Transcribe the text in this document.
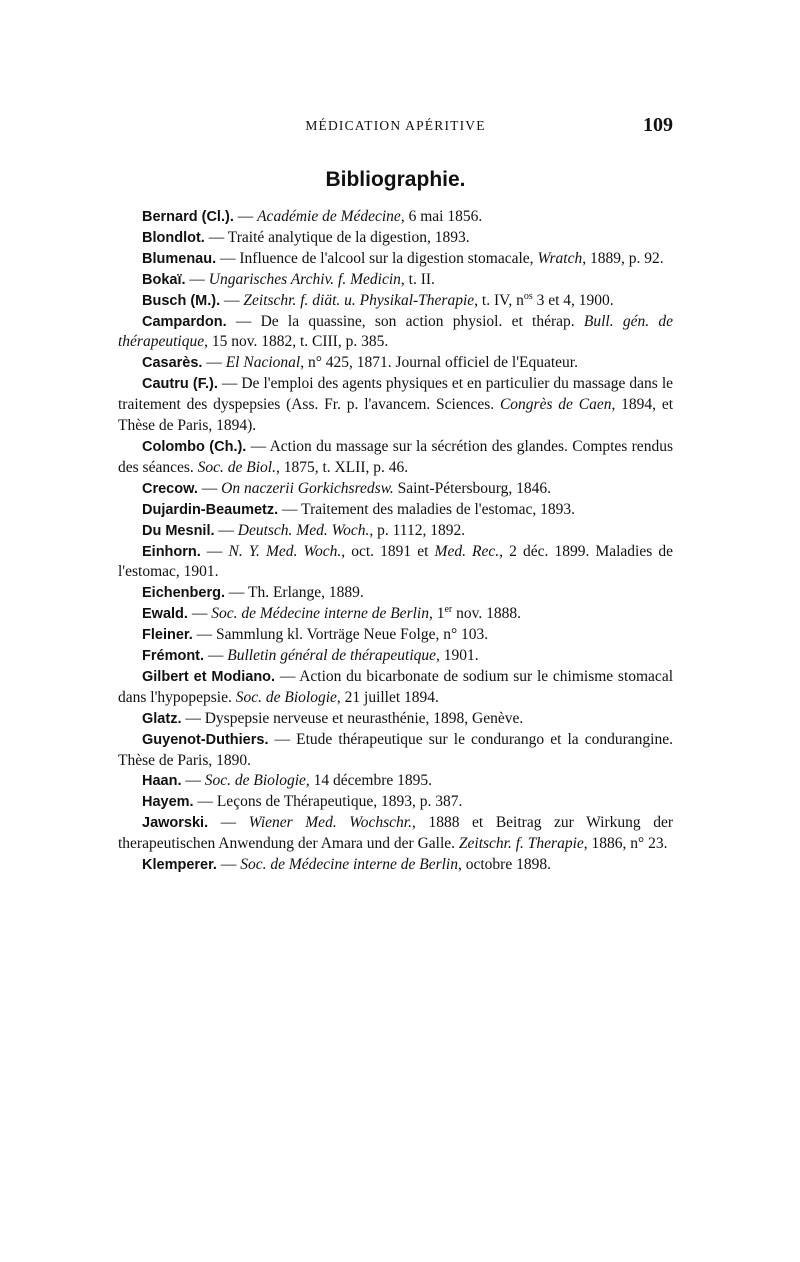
MÉDICATION APÉRITIVE	109
Bibliographie.
Bernard (Cl.). — Académie de Médecine, 6 mai 1856.
Blondlot. — Traité analytique de la digestion, 1893.
Blumenau. — Influence de l'alcool sur la digestion stomacale, Wratch, 1889, p. 92.
Bokaï. — Ungarisches Archiv. f. Medicin, t. II.
Busch (M.). — Zeitschr. f. diät. u. Physikal-Therapie, t. IV, $n^{os}$ 3 et 4, 1900.
Campardon. — De la quassine, son action physiol. et thérap. Bull. gén. de thérapeutique, 15 nov. 1882, t. CIII, p. 385.
Casarès. — El Nacional, n° 425, 1871. Journal officiel de l'Equateur.
Cautru (F.). — De l'emploi des agents physiques et en particulier du massage dans le traitement des dyspepsies (Ass. Fr. p. l'avancem. Sciences. Congrès de Caen, 1894, et Thèse de Paris, 1894).
Colombo (Ch.). — Action du massage sur la sécrétion des glandes. Comptes rendus des séances. Soc. de Biol., 1875, t. XLII, p. 46.
Crecow. — On naczerii Gorkichsredsw. Saint-Pétersbourg, 1846.
Dujardin-Beaumetz. — Traitement des maladies de l'estomac, 1893.
Du Mesnil. — Deutsch. Med. Woch., p. 1112, 1892.
Einhorn. — N. Y. Med. Woch., oct. 1891 et Med. Rec., 2 déc. 1899. Maladies de l'estomac, 1901.
Eichenberg. — Th. Erlange, 1889.
Ewald. — Soc. de Médecine interne de Berlin, 1er nov. 1888.
Fleiner. — Sammlung kl. Vorträge Neue Folge, n° 103.
Frémont. — Bulletin général de thérapeutique, 1901.
Gilbert et Modiano. — Action du bicarbonate de sodium sur le chimisme stomacal dans l'hypopepsie. Soc. de Biologie, 21 juillet 1894.
Glatz. — Dyspepsie nerveuse et neurasthénie, 1898, Genève.
Guyenot-Duthiers. — Etude thérapeutique sur le condurango et la condurangine. Thèse de Paris, 1890.
Haan. — Soc. de Biologie, 14 décembre 1895.
Hayem. — Leçons de Thérapeutique, 1893, p. 387.
Jaworski. — Wiener Med. Wochschr., 1888 et Beitrag zur Wirkung der therapeutischen Anwendung der Amara und der Galle. Zeitschr. f. Therapie, 1886, n° 23.
Klemperer. — Soc. de Médecine interne de Berlin, octobre 1898.
